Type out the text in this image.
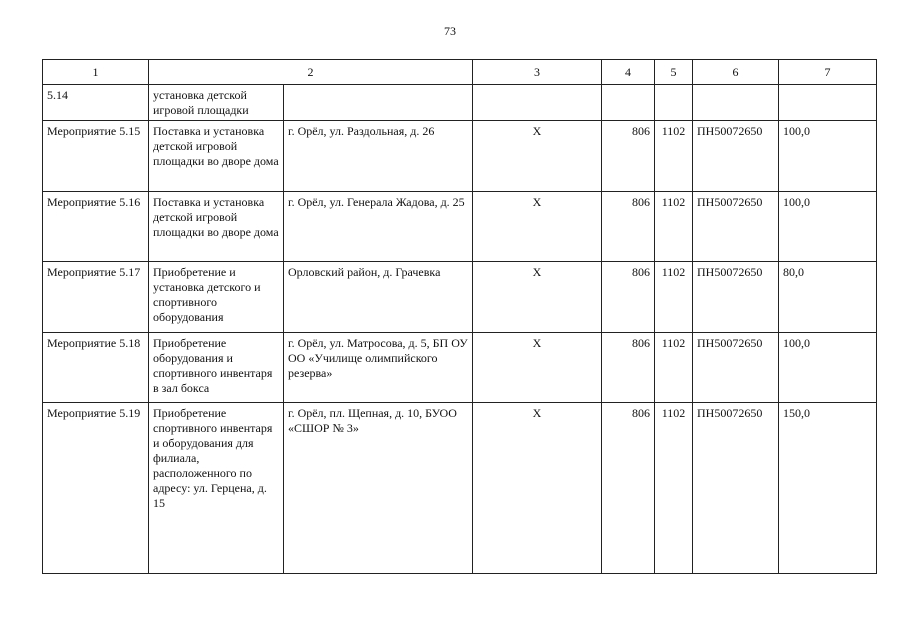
73
1	2		3	4	5	6	7
5.14	установка детской игровой площадки						
Мероприятие 5.15	Поставка и установка детской игровой площадки во дворе дома	г. Орёл, ул. Раздольная, д. 26	Х	806	1102	ПН50072650	100,0
Мероприятие 5.16	Поставка и установка детской игровой площадки во дворе дома	г. Орёл, ул. Генерала Жадова, д. 25	Х	806	1102	ПН50072650	100,0
Мероприятие 5.17	Приобретение и установка детского и спортивного оборудования	Орловский район, д. Грачевка	Х	806	1102	ПН50072650	80,0
Мероприятие 5.18	Приобретение оборудования и спортивного инвентаря в зал бокса	г. Орёл, ул. Матросова, д. 5, БП ОУ ОО «Училище олимпийского резерва»	Х	806	1102	ПН50072650	100,0
Мероприятие 5.19	Приобретение спортивного инвентаря и оборудования для филиала, расположенного по адресу: ул. Герцена, д. 15	г. Орёл, пл. Щепная, д. 10, БУОО «СШОР № 3»	Х	806	1102	ПН50072650	150,0
